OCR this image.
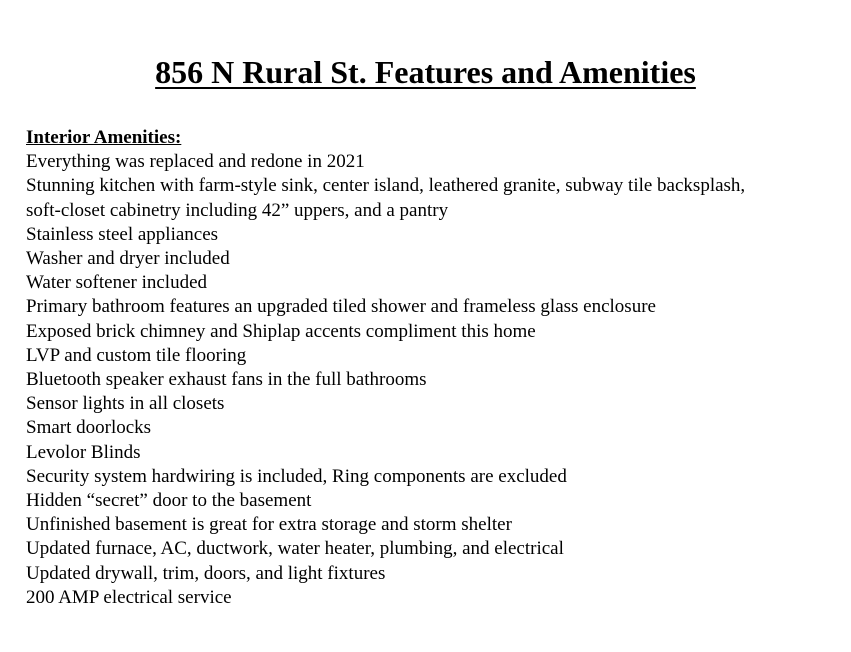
856 N Rural St. Features and Amenities
Interior Amenities:
Everything was replaced and redone in 2021
Stunning kitchen with farm-style sink, center island, leathered granite, subway tile backsplash,
soft-closet cabinetry including 42” uppers, and a pantry
Stainless steel appliances
Washer and dryer included
Water softener included
Primary bathroom features an upgraded tiled shower and frameless glass enclosure
Exposed brick chimney and Shiplap accents compliment this home
LVP and custom tile flooring
Bluetooth speaker exhaust fans in the full bathrooms
Sensor lights in all closets
Smart doorlocks
Levolor Blinds
Security system hardwiring is included, Ring components are excluded
Hidden “secret” door to the basement
Unfinished basement is great for extra storage and storm shelter
Updated furnace, AC, ductwork, water heater, plumbing, and electrical
Updated drywall, trim, doors, and light fixtures
200 AMP electrical service
